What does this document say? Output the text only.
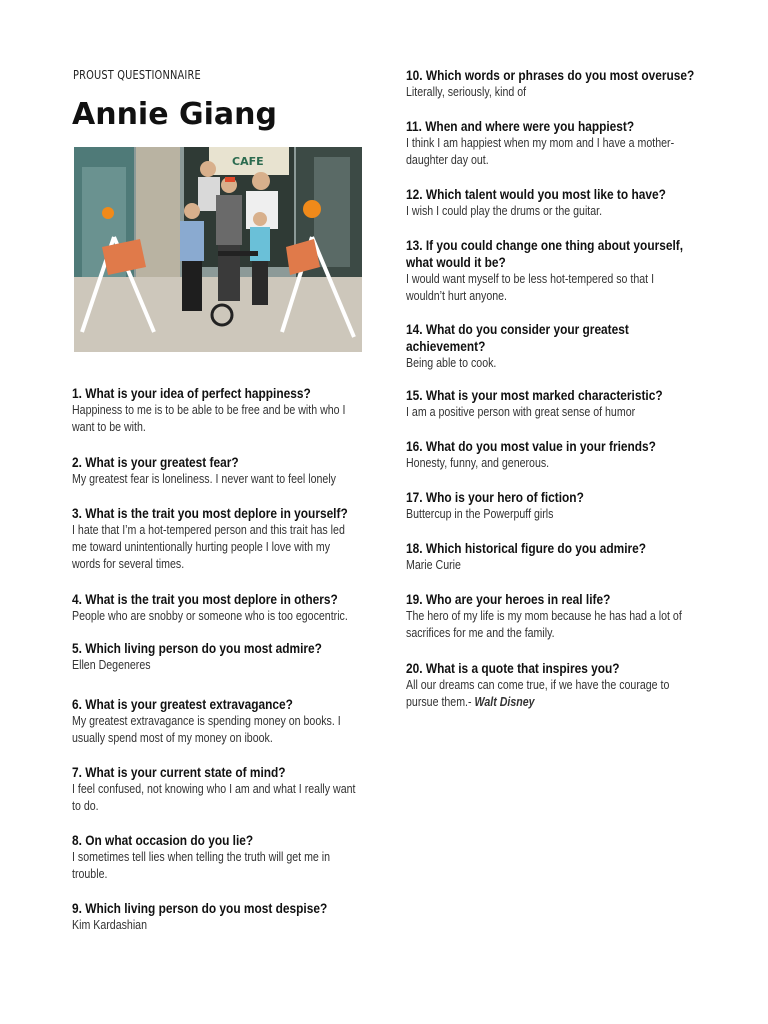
PROUST QUESTIONNAIRE
Annie Giang
CAFE

1. What is your idea of perfect happiness?

Happiness to me is to be able to be free and be with who I want to be with.

2. What is your greatest fear?

My greatest fear is loneliness. I never want to feel lonely

3. What is the trait you most deplore in yourself?

I hate that I’m a hot-tempered person and this trait has led me toward unintentionally hurting people I love with my words for several times.

4. What is the trait you most deplore in others?

People who are snobby or someone who is too egocentric.

5. Which living person do you most admire?

Ellen Degeneres

6. What is your greatest extravagance?

My greatest extravagance is spending money on books. I usually spend most of my money on ibook.

7. What is your current state of mind?

I feel confused, not knowing who I am and what I really want to do.

8. On what occasion do you lie?

I sometimes tell lies when telling the truth will get me in trouble.

9. Which living person do you most despise?

Kim Kardashian

10. Which words or phrases do you most overuse?

Literally, seriously, kind of

11. When and where were you happiest?

I think I am happiest when my mom and I have a mother-daughter day out.

12. Which talent would you most like to have?

I wish I could play the drums or the guitar.

13. If you could change one thing about yourself, what would it be?

I would want myself to be less hot-tempered so that I wouldn’t hurt anyone.

14. What do you consider your greatest achievement?

Being able to cook.

15. What is your most marked characteristic?

I am a positive person with great sense of humor

16. What do you most value in your friends?

Honesty, funny, and generous.

17. Who is your hero of fiction?

Buttercup in the Powerpuff girls

18. Which historical figure do you admire?

Marie Curie

19. Who are your heroes in real life?

The hero of my life is my mom because he has had a lot of sacrifices for me and the family.

20. What is a quote that inspires you?

All our dreams can come true, if we have the courage to pursue them.- Walt Disney
